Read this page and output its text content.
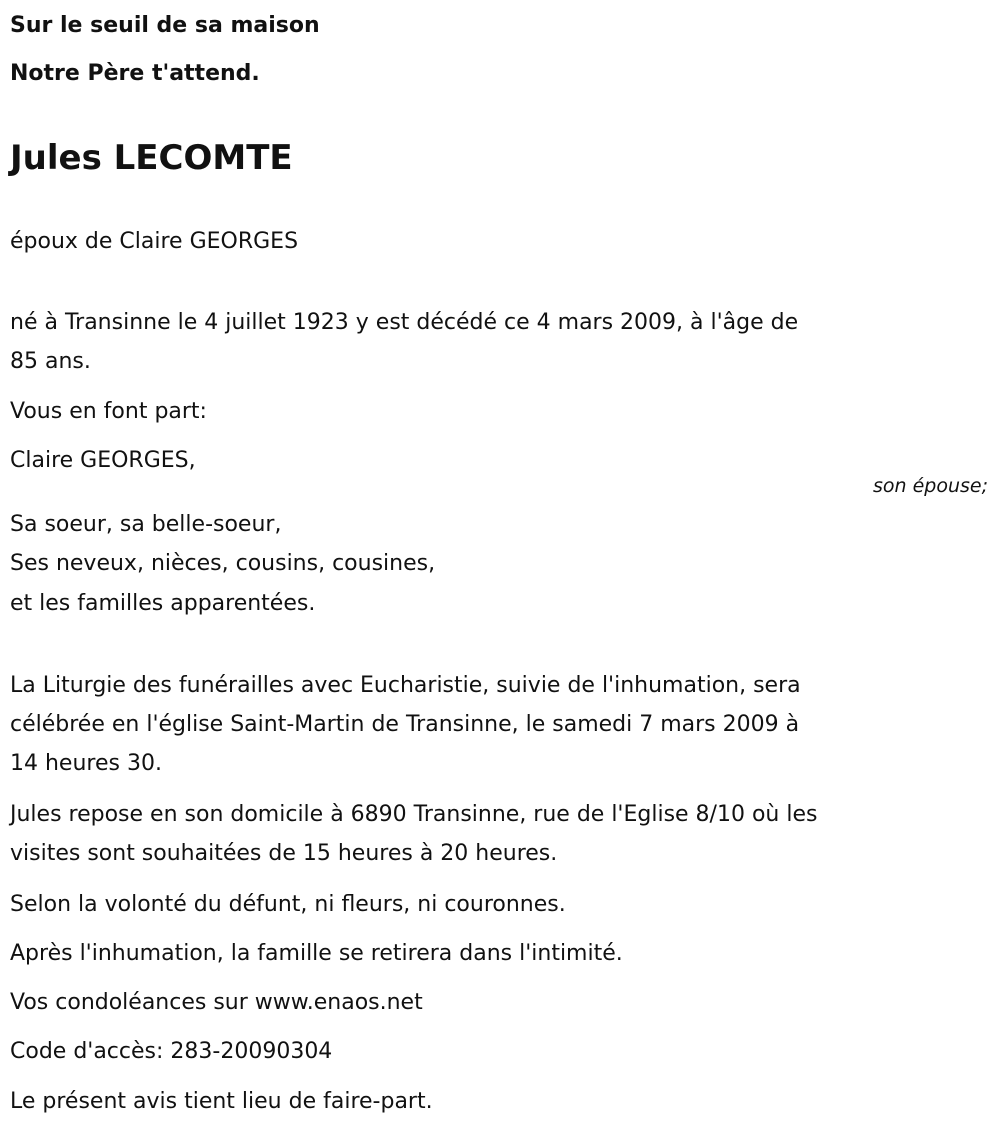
Sur le seuil de sa maison
Notre Père t'attend.
Jules LECOMTE
époux de Claire GEORGES
né à Transinne le 4 juillet 1923 y est décédé ce 4 mars 2009, à l'âge de
85 ans.
Vous en font part:
Claire GEORGES,
son épouse;
Sa soeur, sa belle-soeur,
Ses neveux, nièces, cousins, cousines,
et les familles apparentées.
La Liturgie des funérailles avec Eucharistie, suivie de l'inhumation, sera
célébrée en l'église Saint-Martin de Transinne, le samedi 7 mars 2009 à
14 heures 30.
Jules repose en son domicile à 6890 Transinne, rue de l'Eglise 8/10 où les
visites sont souhaitées de 15 heures à 20 heures.
Selon la volonté du défunt, ni fleurs, ni couronnes.
Après l'inhumation, la famille se retirera dans l'intimité.
Vos condoléances sur www.enaos.net
Code d'accès: 283-20090304
Le présent avis tient lieu de faire-part.
